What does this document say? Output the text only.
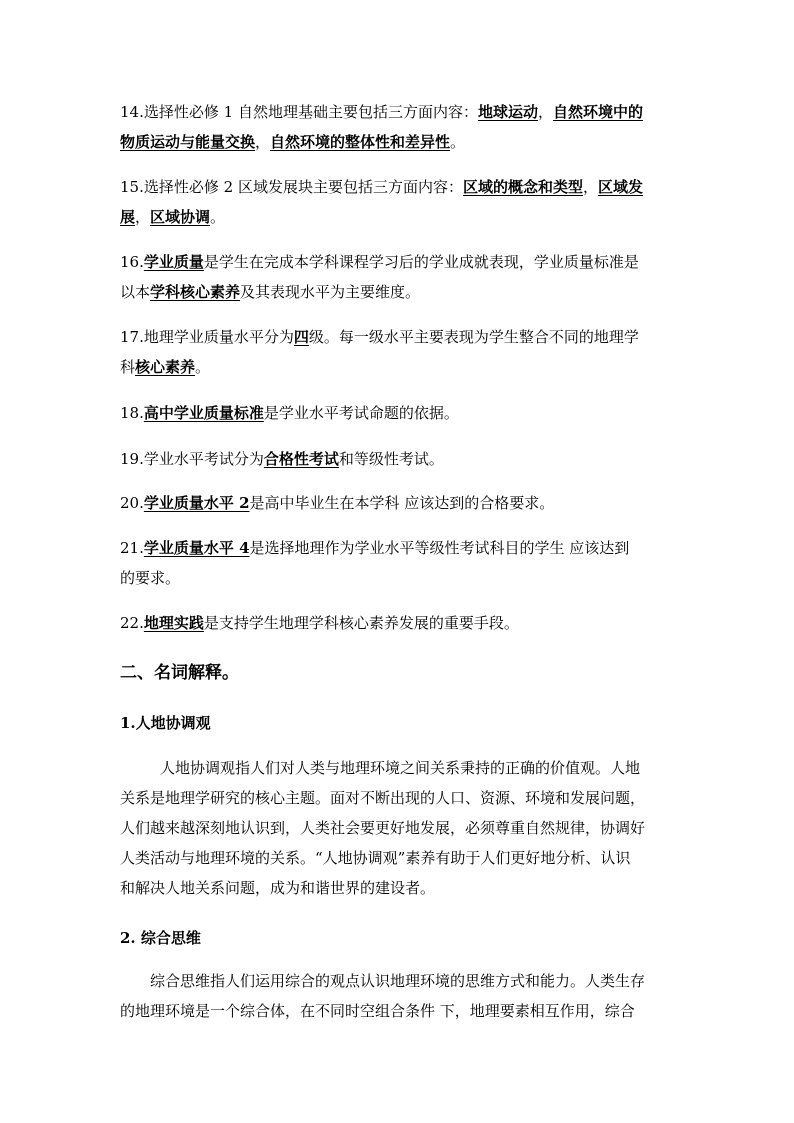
14.选择性必修 1 自然地理基础主要包括三方面内容：地球运动，自然环境中的
物质运动与能量交换，自然环境的整体性和差异性。

15.选择性必修 2 区域发展块主要包括三方面内容：区域的概念和类型，区域发
展，区域协调。

16.学业质量是学生在完成本学科课程学习后的学业成就表现，学业质量标准是
以本学科核心素养及其表现水平为主要维度。

17.地理学业质量水平分为四级。每一级水平主要表现为学生整合不同的地理学
科核心素养。

18.高中学业质量标准是学业水平考试命题的依据。

19.学业水平考试分为合格性考试和等级性考试。

20.学业质量水平 2是高中毕业生在本学科 应该达到的合格要求。

21.学业质量水平 4是选择地理作为学业水平等级性考试科目的学生 应该达到
的要求。

22.地理实践是支持学生地理学科核心素养发展的重要手段。

二、名词解释。

1.人地协调观

人地协调观指人们对人类与地理环境之间关系秉持的正确的价值观。人地
关系是地理学研究的核心主题。面对不断出现的人口、资源、环境和发展问题，
人们越来越深刻地认识到，人类社会要更好地发展，必须尊重自然规律，协调好
人类活动与地理环境的关系。“人地协调观”素养有助于人们更好地分析、认识
和解决人地关系问题，成为和谐世界的建设者。

2. 综合思维

综合思维指人们运用综合的观点认识地理环境的思维方式和能力。人类生存
的地理环境是一个综合体，在不同时空组合条件 下，地理要素相互作用，综合
